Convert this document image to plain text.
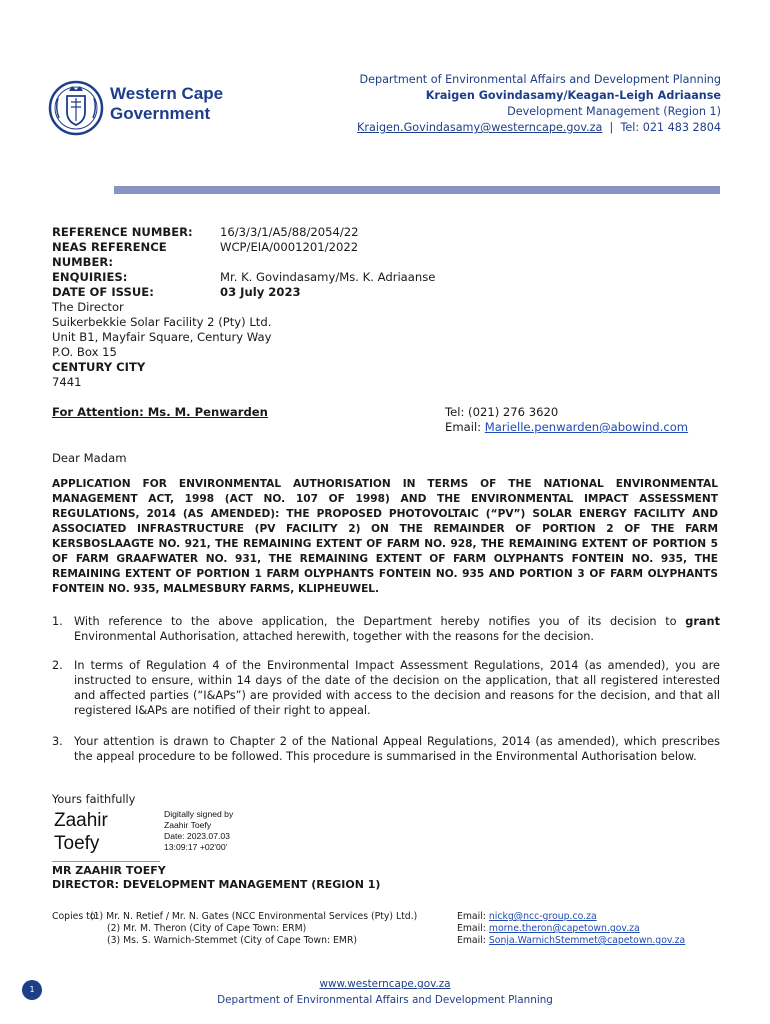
Western Cape
Government
Department of Environmental Affairs and Development Planning
Kraigen Govindasamy/Keagan-Leigh Adriaanse
Development Management (Region 1)
Kraigen.Govindasamy@westerncape.gov.za | Tel: 021 483 2804
REFERENCE NUMBER:	16/3/3/1/A5/88/2054/22
NEAS REFERENCE NUMBER:
WCP/EIA/0001201/2022
ENQUIRIES:	Mr. K. Govindasamy/Ms. K. Adriaanse
DATE OF ISSUE:	03 July 2023
The Director
Suikerbekkie Solar Facility 2 (Pty) Ltd.
Unit B1, Mayfair Square, Century Way
P.O. Box 15
CENTURY CITY
7441
For Attention: Ms. M. Penwarden	Tel: (021) 276 3620
Email: Marielle.penwarden@abowind.com
Dear Madam
APPLICATION FOR ENVIRONMENTAL AUTHORISATION IN TERMS OF THE NATIONAL ENVIRONMENTAL MANAGEMENT ACT, 1998 (ACT NO. 107 OF 1998) AND THE ENVIRONMENTAL IMPACT ASSESSMENT REGULATIONS, 2014 (AS AMENDED): THE PROPOSED PHOTOVOLTAIC (“PV”) SOLAR ENERGY FACILITY AND ASSOCIATED INFRASTRUCTURE (PV FACILITY 2) ON THE REMAINDER OF PORTION 2 OF THE FARM KERSBOSLAAGTE NO. 921, THE REMAINING EXTENT OF FARM NO. 928, THE REMAINING EXTENT OF PORTION 5 OF FARM GRAAFWATER NO. 931, THE REMAINING EXTENT OF FARM OLYPHANTS FONTEIN NO. 935, THE REMAINING EXTENT OF PORTION 1 FARM OLYPHANTS FONTEIN NO. 935 AND PORTION 3 OF FARM OLYPHANTS FONTEIN NO. 935, MALMESBURY FARMS, KLIPHEUWEL.
1. With reference to the above application, the Department hereby notifies you of its decision to grant Environmental Authorisation, attached herewith, together with the reasons for the decision.
2. In terms of Regulation 4 of the Environmental Impact Assessment Regulations, 2014 (as amended), you are instructed to ensure, within 14 days of the date of the decision on the application, that all registered interested and affected parties (“I&APs”) are provided with access to the decision and reasons for the decision, and that all registered I&APs are notified of their right to appeal.
3. Your attention is drawn to Chapter 2 of the National Appeal Regulations, 2014 (as amended), which prescribes the appeal procedure to be followed. This procedure is summarised in the Environmental Authorisation below.
Yours faithfully
Zaahir
Toefy
Digitally signed by
Zaahir Toefy
Date: 2023.07.03
13:09:17 +02'00'
MR ZAAHIR TOEFY
DIRECTOR: DEVELOPMENT MANAGEMENT (REGION 1)
Copies to:
(1) Mr. N. Retief / Mr. N. Gates (NCC Environmental Services (Pty) Ltd.)	Email: nickg@ncc-group.co.za
(2) Mr. M. Theron (City of Cape Town: ERM)	Email: morne.theron@capetown.gov.za
(3) Ms. S. Warnich-Stemmet (City of Cape Town: EMR)	Email: Sonja.WarnichStemmet@capetown.gov.za
www.westerncape.gov.za
Department of Environmental Affairs and Development Planning
1
